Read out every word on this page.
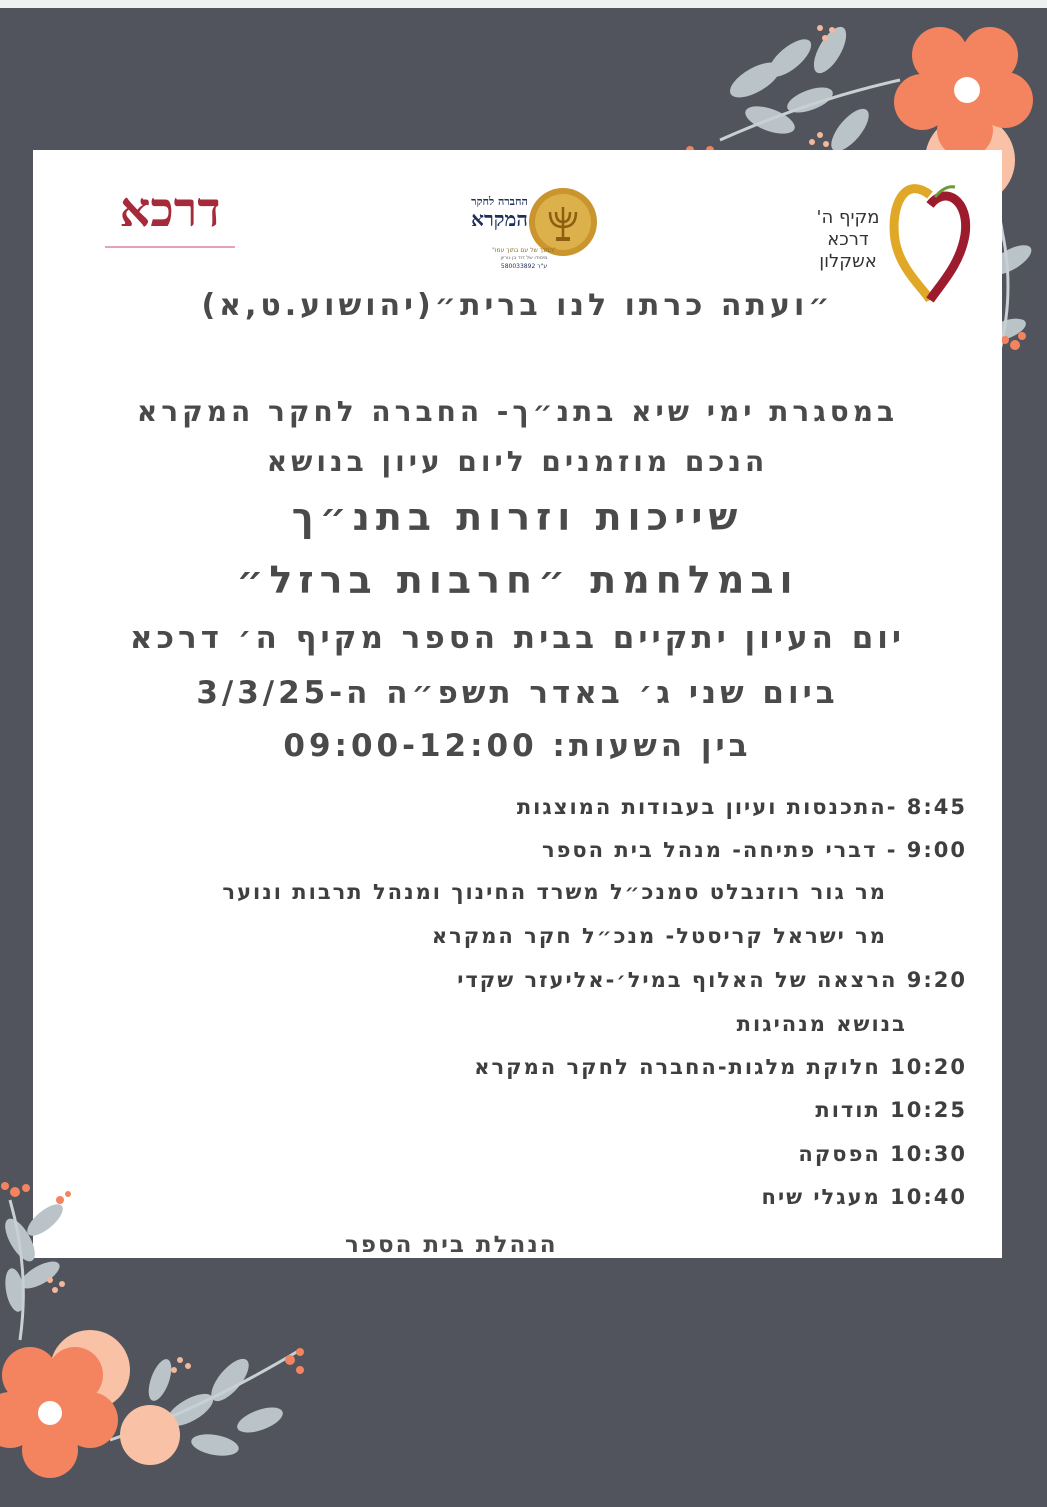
דרכא	החברה לחקר
המקרא
"התנך של עם בתוך עמו"
מיסודו של דוד בן גוריון
ע"ר 580033892
מקיף ה'
דרכא
אשקלון
״ועתה כרתו לנו ברית״(יהושוע.ט,א)
במסגרת ימי שיא בתנ״ך- החברה לחקר המקרא
הנכם מוזמנים ליום עיון בנושא
שייכות וזרות בתנ״ך
ובמלחמת ״חרבות ברזל״
יום העיון יתקיים בבית הספר מקיף ה׳ דרכא
ביום שני ג׳ באדר תשפ״ה ה-3/3/25
בין השעות: 09:00-12:00
8:45 -התכנסות ועיון בעבודות המוצגות
9:00 - דברי פתיחה- מנהל בית הספר
מר גור רוזנבלט סמנכ״ל משרד החינוך ומנהל תרבות ונוער
מר ישראל קריסטל- מנכ״ל חקר המקרא
9:20 הרצאה של האלוף במיל׳-אליעזר שקדי
בנושא מנהיגות
10:20 חלוקת מלגות-החברה לחקר המקרא
10:25 תודות
10:30 הפסקה
10:40 מעגלי שיח
הנהלת בית הספר
